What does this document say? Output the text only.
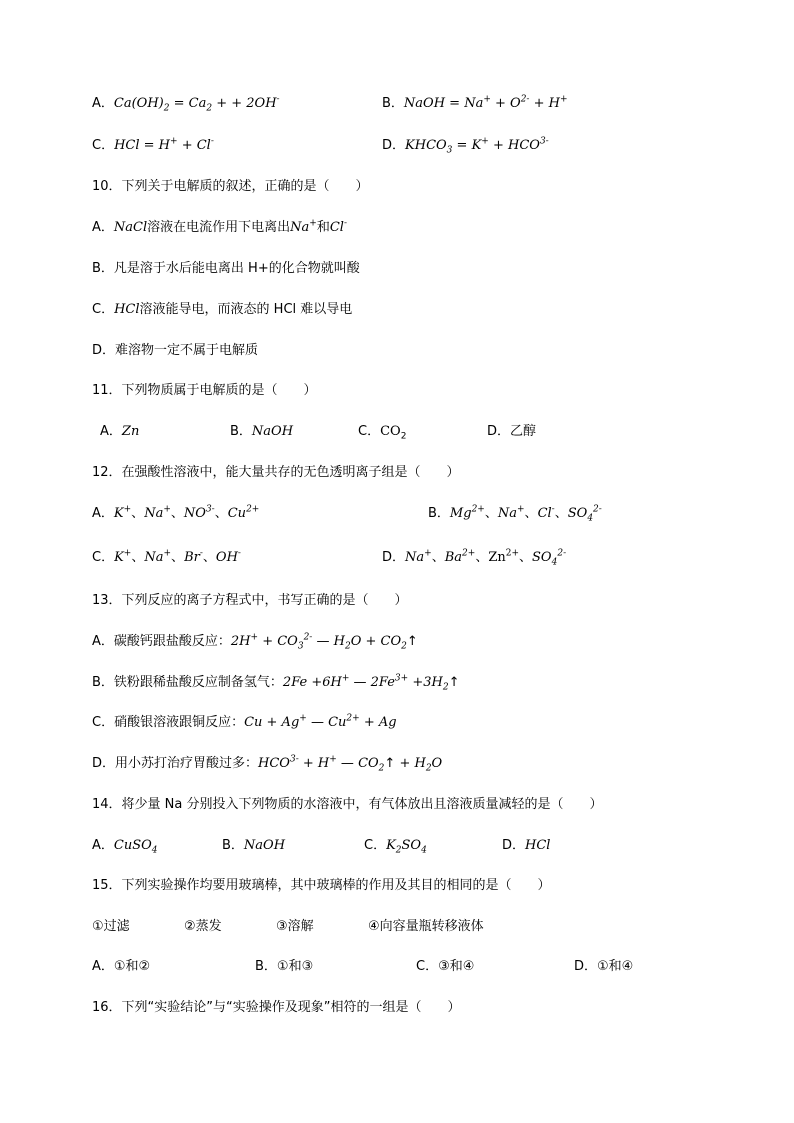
A．$Ca(OH)_2 = Ca_2$ + + 2OH-	B．NaOH = $Na^+ + O^{2-} + H^+$
C．HCl = H+ + Cl-	D．$KHCO_3 = K^+ + HCO^{3-}$
10．下列关于电解质的叙述，正确的是（　　）
A．NaCl溶液在电流作用下电离出Na+和Cl-
B．凡是溶于水后能电离出 H+的化合物就叫酸
C．HCl溶液能导电，而液态的 HCl 难以导电
D．难溶物一定不属于电解质
11．下列物质属于电解质的是（　　）
A．Zn	B．NaOH	C．$CO_2$	D．乙醇
12．在强酸性溶液中，能大量共存的无色透明离子组是（　　）
A．K+、Na+、$NO^{3-}$、$Cu^{2+}$	B．$Mg^{2+}$、Na+、Cl-、$SO_4^{2-}$
C．K+、Na+、Br-、OH-	D．Na+、$Ba^{2+}$、$Zn^{2+}$、$SO_4^{2-}$
13．下列反应的离子方程式中，书写正确的是（　　）
A．碳酸钙跟盐酸反应：$2H^+ + CO_3^{2-}$ — $H_2O$ + $CO_2↑$
B．铁粉跟稀盐酸反应制备氢气：2Fe +6H+ — $2Fe^{3+}$ $+3H_2↑$
C．硝酸银溶液跟铜反应：Cu + Ag+ — $Cu^{2+} + Ag$
D．用小苏打治疗胃酸过多：$HCO^{3-} + H^+$ — $CO_2↑ + H_2O$
14．将少量 Na 分别投入下列物质的水溶液中，有气体放出且溶液质量减轻的是（　　）
A．CuSO$_4$	B．NaOH	C．$K_2SO_4$	D．HCl
15．下列实验操作均要用玻璃棒，其中玻璃棒的作用及其目的相同的是（　　）
①过滤	②蒸发	③溶解	④向容量瓶转移液体
A．①和②	B．①和③	C．③和④	D．①和④
16．下列“实验结论”与“实验操作及现象”相符的一组是（　　）
